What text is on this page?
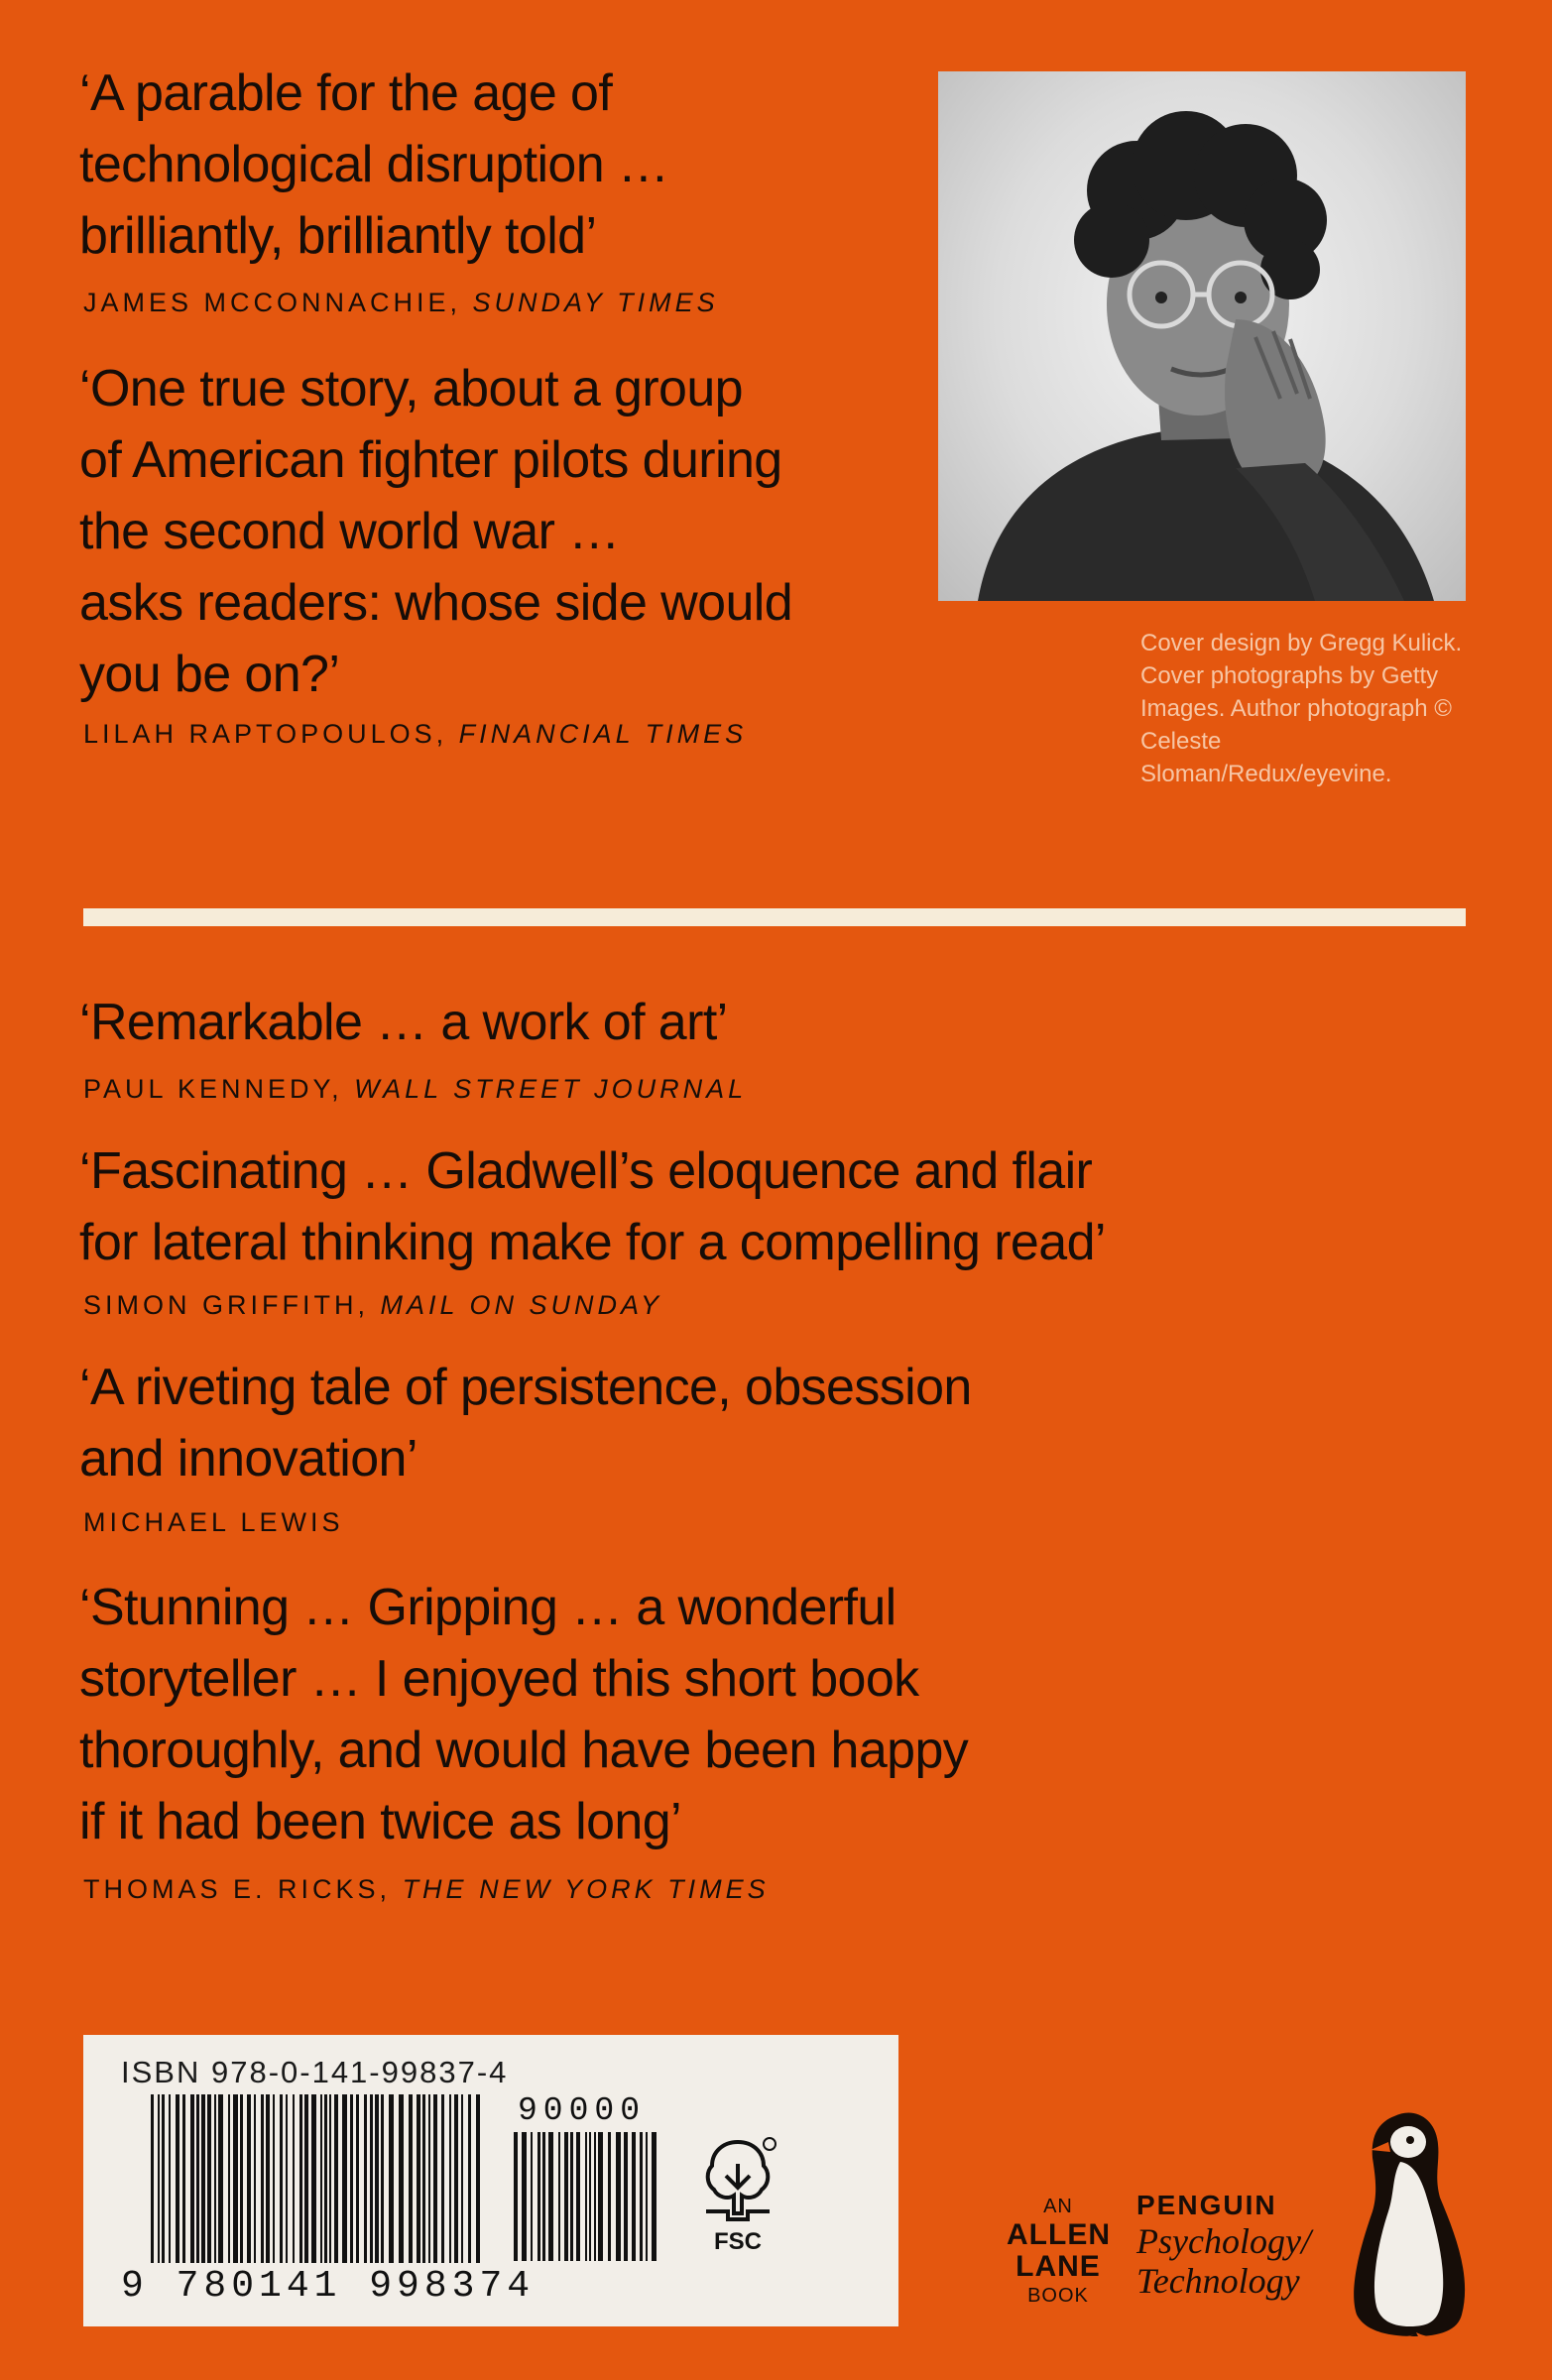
‘A parable for the age of
technological disruption …
brilliantly, brilliantly told’

JAMES MCCONNACHIE, SUNDAY TIMES

‘One true story, about a group
of American fighter pilots during
the second world war …
asks readers: whose side would
you be on?’

LILAH RAPTOPOULOS, FINANCIAL TIMES

Cover design by Gregg Kulick. Cover photographs by Getty Images. Author photograph © Celeste Sloman/Redux/eyevine.

‘Remarkable … a work of art’

PAUL KENNEDY, WALL STREET JOURNAL

‘Fascinating … Gladwell’s eloquence and flair
for lateral thinking make for a compelling read’

SIMON GRIFFITH, MAIL ON SUNDAY

‘A riveting tale of persistence, obsession
and innovation’

MICHAEL LEWIS

‘Stunning … Gripping … a wonderful
storyteller … I enjoyed this short book
thoroughly, and would have been happy
if it had been twice as long’

THOMAS E. RICKS, THE NEW YORK TIMES

ISBN 978-0-141-99837-4
9 780141 998374
90000
FSC
AN
ALLEN
LANE
BOOK
PENGUIN
Psychology/
Technology
